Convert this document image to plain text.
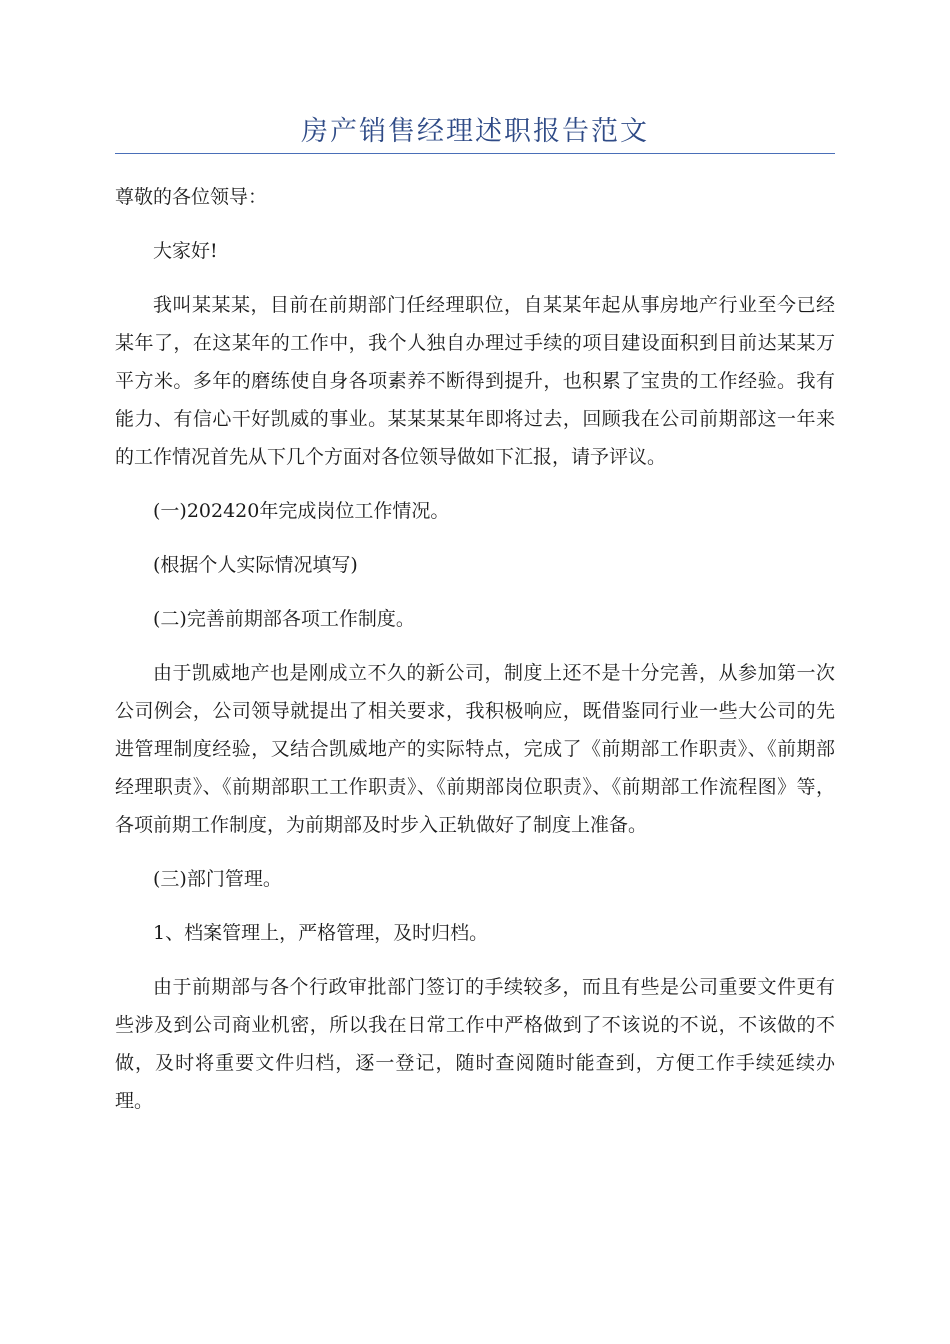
房产销售经理述职报告范文

尊敬的各位领导：

大家好!

我叫某某某，目前在前期部门任经理职位，自某某年起从事房地产行业至今已经某年了，在这某年的工作中，我个人独自办理过手续的项目建设面积到目前达某某万平方米。多年的磨练使自身各项素养不断得到提升，也积累了宝贵的工作经验。我有能力、有信心干好凯威的事业。某某某某年即将过去，回顾我在公司前期部这一年来的工作情况首先从下几个方面对各位领导做如下汇报，请予评议。

(一)202420年完成岗位工作情况。

(根据个人实际情况填写)

(二)完善前期部各项工作制度。

由于凯威地产也是刚成立不久的新公司，制度上还不是十分完善，从参加第一次公司例会，公司领导就提出了相关要求，我积极响应，既借鉴同行业一些大公司的先进管理制度经验，又结合凯威地产的实际特点，完成了《前期部工作职责》、《前期部经理职责》、《前期部职工工作职责》、《前期部岗位职责》、《前期部工作流程图》等，各项前期工作制度，为前期部及时步入正轨做好了制度上准备。

(三)部门管理。

1、档案管理上，严格管理，及时归档。

由于前期部与各个行政审批部门签订的手续较多，而且有些是公司重要文件更有些涉及到公司商业机密，所以我在日常工作中严格做到了不该说的不说，不该做的不做，及时将重要文件归档，逐一登记，随时查阅随时能查到，方便工作手续延续办理。
